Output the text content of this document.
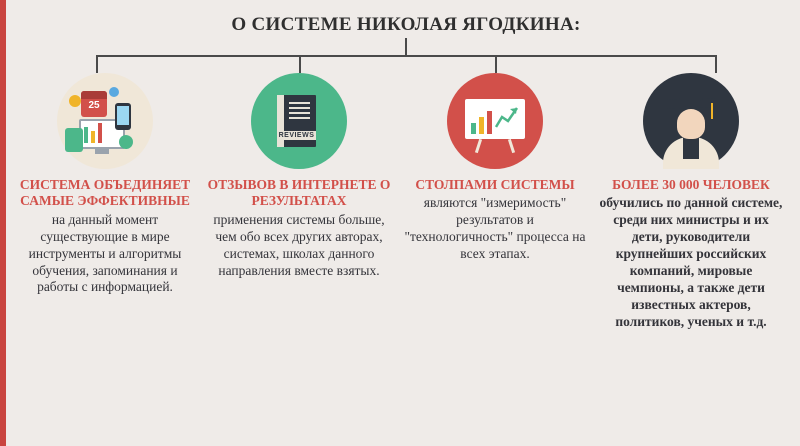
О СИСТЕМЕ НИКОЛАЯ ЯГОДКИНА:
25
СИСТЕМА ОБЪЕДИНЯЕТ САМЫЕ ЭФФЕКТИВНЫЕ
на данный момент существующие в мире инструменты и алгоритмы обучения, запоминания и работы с информацией.
REVIEWS
ОТЗЫВОВ В ИНТЕРНЕТЕ О РЕЗУЛЬТАТАХ
применения системы больше, чем обо всех других авторах, системах, школах данного направления вместе взятых.
СТОЛПАМИ СИСТЕМЫ
являются "измеримость" результатов и "технологичность" процесса на всех этапах.
БОЛЕЕ 30 000 ЧЕЛОВЕК
обучились по данной системе, среди них министры и их дети, руководители крупнейших российских компаний, мировые чемпионы, а также дети известных актеров, политиков, ученых и т.д.
